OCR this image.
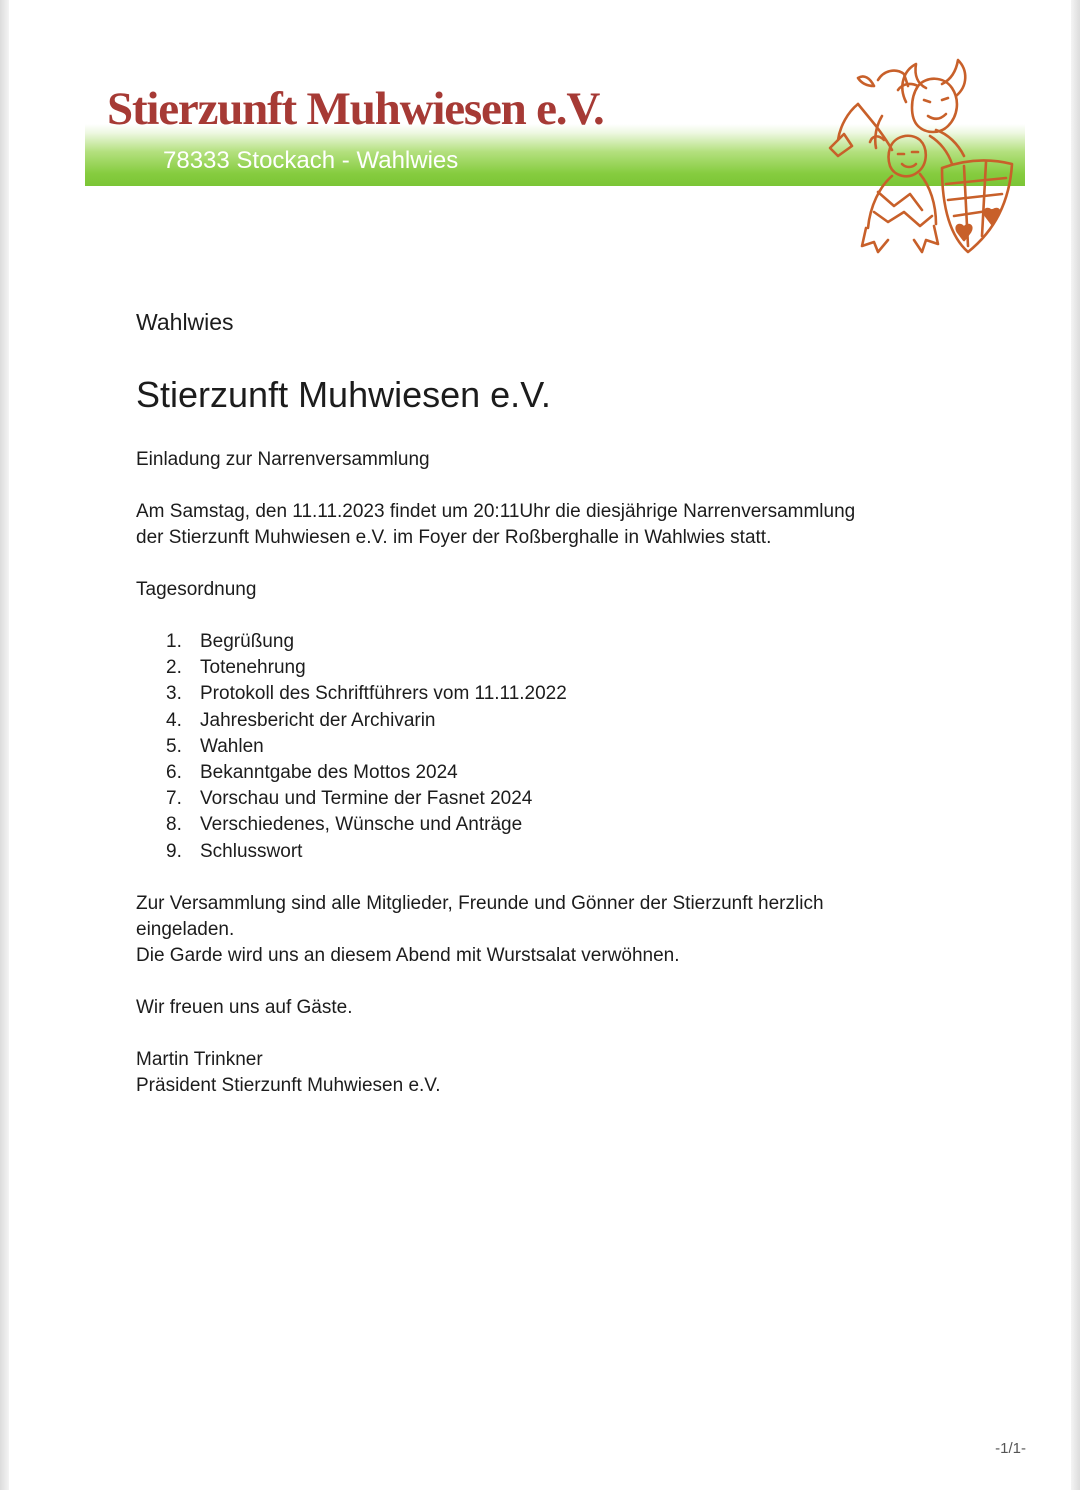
Stierzunft Muhwiesen e.V.
78333 Stockach - Wahlwies

Wahlwies

Stierzunft Muhwiesen e.V.

Einladung zur Narrenversammlung

Am Samstag, den 11.11.2023 findet um 20:11Uhr die diesjährige Narrenversammlung

der Stierzunft Muhwiesen e.V. im Foyer der Roßberghalle in Wahlwies statt.

Tagesordnung

1. Begrüßung
2. Totenehrung
3. Protokoll des Schriftführers vom 11.11.2022
4. Jahresbericht der Archivarin
5. Wahlen
6. Bekanntgabe des Mottos 2024
7. Vorschau und Termine der Fasnet 2024
8. Verschiedenes, Wünsche und Anträge
9. Schlusswort

Zur Versammlung sind alle Mitglieder, Freunde und Gönner der Stierzunft herzlich

eingeladen.

Die Garde wird uns an diesem Abend mit Wurstsalat verwöhnen.

Wir freuen uns auf Gäste.

Martin Trinkner

Präsident Stierzunft Muhwiesen e.V.

-1/1-
